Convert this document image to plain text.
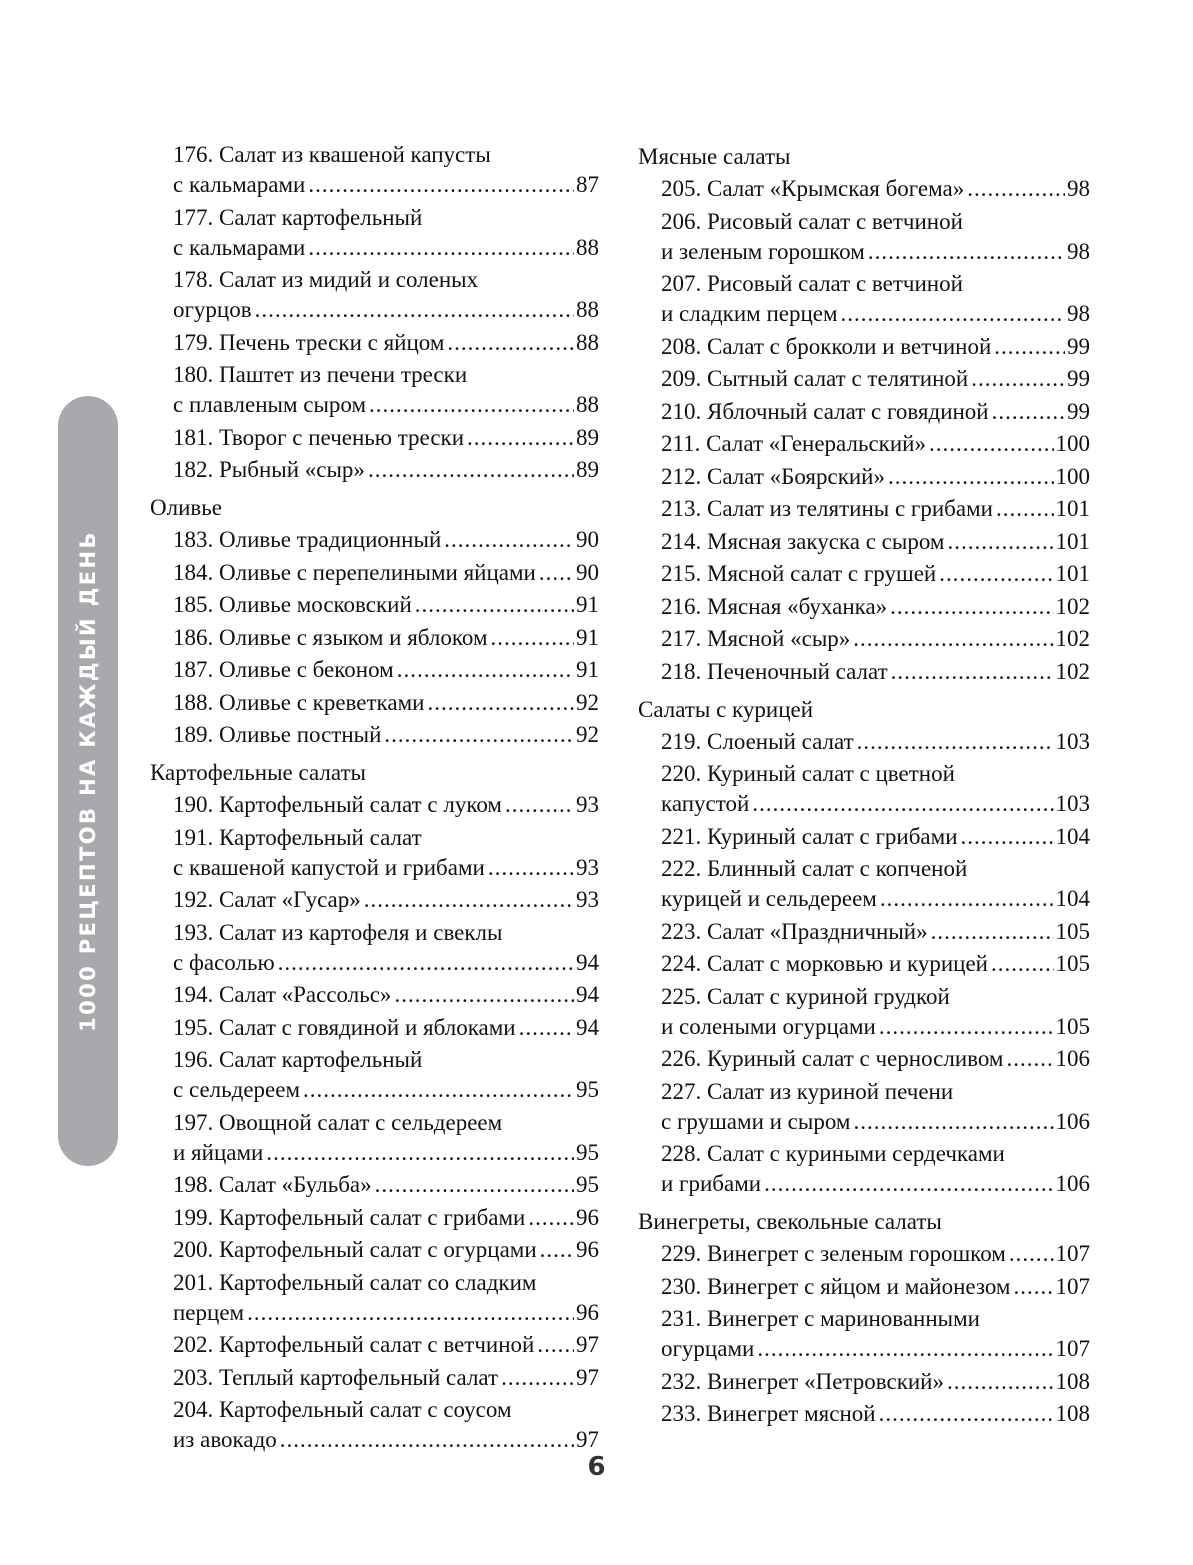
1000 РЕЦЕПТОВ НА КАЖДЫЙ ДЕНЬ
176. Салат из квашеной капусты
с кальмарами .....	87
177. Салат картофельный
с кальмарами .....	88
178. Салат из мидий и соленых
огурцов .....	88
179. Печень трески с яйцом .....	88
180. Паштет из печени трески
с плавленым сыром .....	88
181. Творог с печенью трески .....	89
182. Рыбный «сыр» .....	89
Оливье
183. Оливье традиционный .....	90
184. Оливье с перепелиными яйцами ..... 90
185. Оливье московский .....	91
186. Оливье с языком и яблоком .....	91
187. Оливье с беконом .....	91
188. Оливье с креветками .....	92
189. Оливье постный .....	92
Картофельные салаты
190. Картофельный салат с луком .....	93
191. Картофельный салат
с квашеной капустой и грибами .....	93
192. Салат «Гусар» .....	93
193. Салат из картофеля и свеклы
с фасолью .....	94
194. Салат «Рассольс» .....	94
195. Салат с говядиной и яблоками .....	94
196. Салат картофельный
с сельдереем .....	95
197. Овощной салат с сельдереем
и яйцами .....	95
198. Салат «Бульба» .....	95
199. Картофельный салат с грибами ..... 96
200. Картофельный салат с огурцами ..... 96
201. Картофельный салат со сладким
перцем .....	96
202. Картофельный салат с ветчиной ..... 97
203. Теплый картофельный салат .....	97
204. Картофельный салат с соусом
из авокадо .....	97
Мясные салаты
205. Салат «Крымская богема» .....	98
206. Рисовый салат с ветчиной
и зеленым горошком .....	98
207. Рисовый салат с ветчиной
и сладким перцем .....	98
208. Салат с брокколи и ветчиной .....	99
209. Сытный салат с телятиной .....	99
210. Яблочный салат с говядиной .....	99
211. Салат «Генеральский» .....	100
212. Салат «Боярский» .....	100
213. Салат из телятины с грибами .....	101
214. Мясная закуска с сыром .....	101
215. Мясной салат с грушей .....	101
216. Мясная «буханка» .....	102
217. Мясной «сыр» .....	102
218. Печеночный салат .....	102
Салаты с курицей
219. Слоеный салат .....	103
220. Куриный салат с цветной
капустой .....	103
221. Куриный салат с грибами .....	104
222. Блинный салат с копченой
курицей и сельдереем .....	104
223. Салат «Праздничный» .....	105
224. Салат с морковью и курицей .....	105
225. Салат с куриной грудкой
и солеными огурцами .....	105
226. Куриный салат с черносливом ..... 106
227. Салат из куриной печени
с грушами и сыром .....	106
228. Салат с куриными сердечками
и грибами .....	106
Винегреты, свекольные салаты
229. Винегрет с зеленым горошком ..... 107
230. Винегрет с яйцом и майонезом ..... 107
231. Винегрет с маринованными
огурцами .....	107
232. Винегрет «Петровский» .....	108
233. Винегрет мясной .....	108
6
